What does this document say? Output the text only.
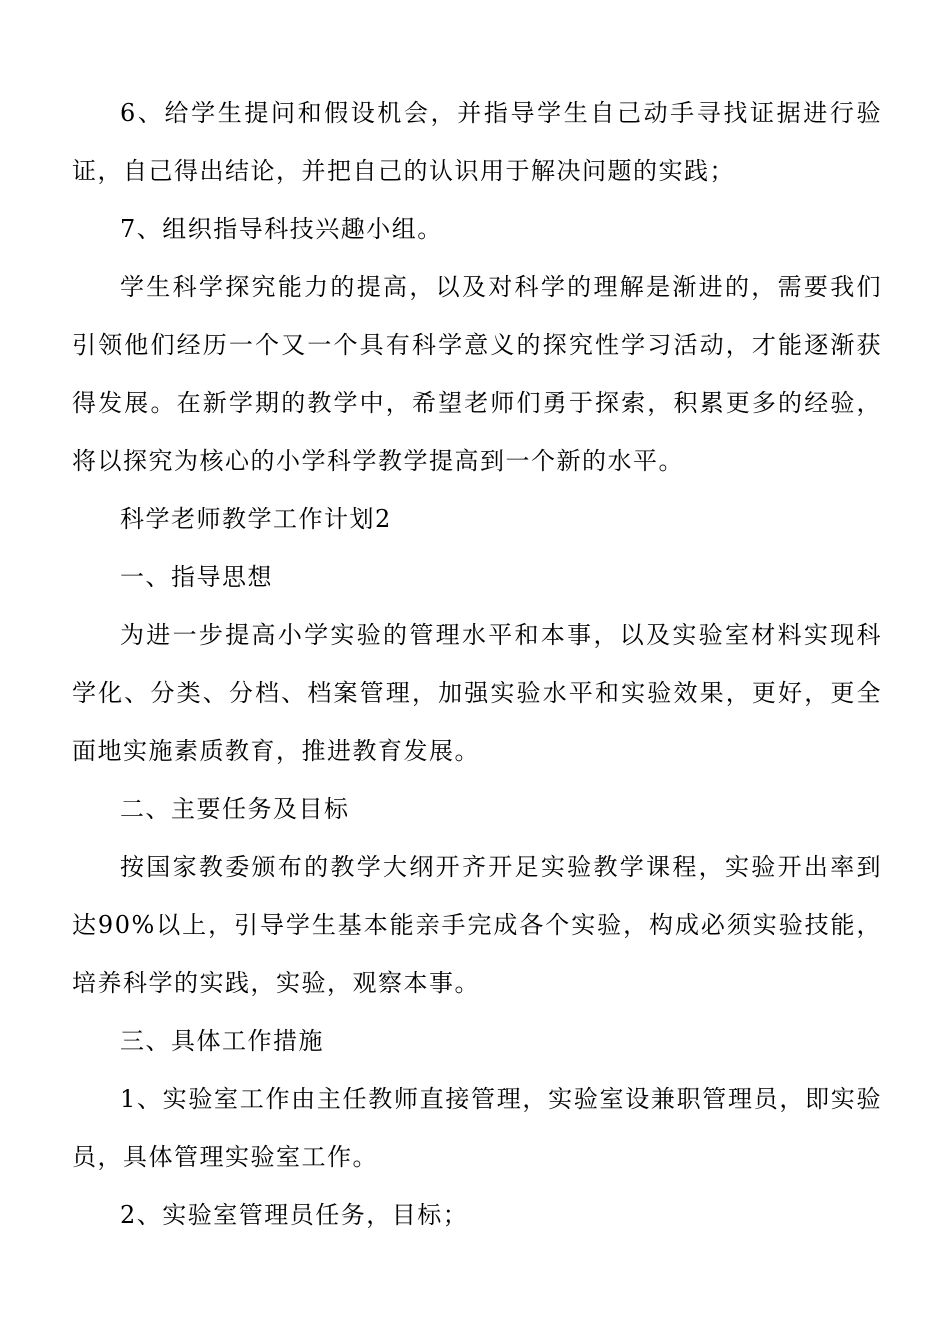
6、给学生提问和假设机会，并指导学生自己动手寻找证据进行验证，自己得出结论，并把自己的认识用于解决问题的实践；

7、组织指导科技兴趣小组。

学生科学探究能力的提高，以及对科学的理解是渐进的，需要我们引领他们经历一个又一个具有科学意义的探究性学习活动，才能逐渐获得发展。在新学期的教学中，希望老师们勇于探索，积累更多的经验，将以探究为核心的小学科学教学提高到一个新的水平。

科学老师教学工作计划2

一、指导思想

为进一步提高小学实验的管理水平和本事，以及实验室材料实现科学化、分类、分档、档案管理，加强实验水平和实验效果，更好，更全面地实施素质教育，推进教育发展。

二、主要任务及目标

按国家教委颁布的教学大纲开齐开足实验教学课程，实验开出率到达90%以上，引导学生基本能亲手完成各个实验，构成必须实验技能，培养科学的实践，实验，观察本事。

三、具体工作措施

1、实验室工作由主任教师直接管理，实验室设兼职管理员，即实验员，具体管理实验室工作。

2、实验室管理员任务，目标；
